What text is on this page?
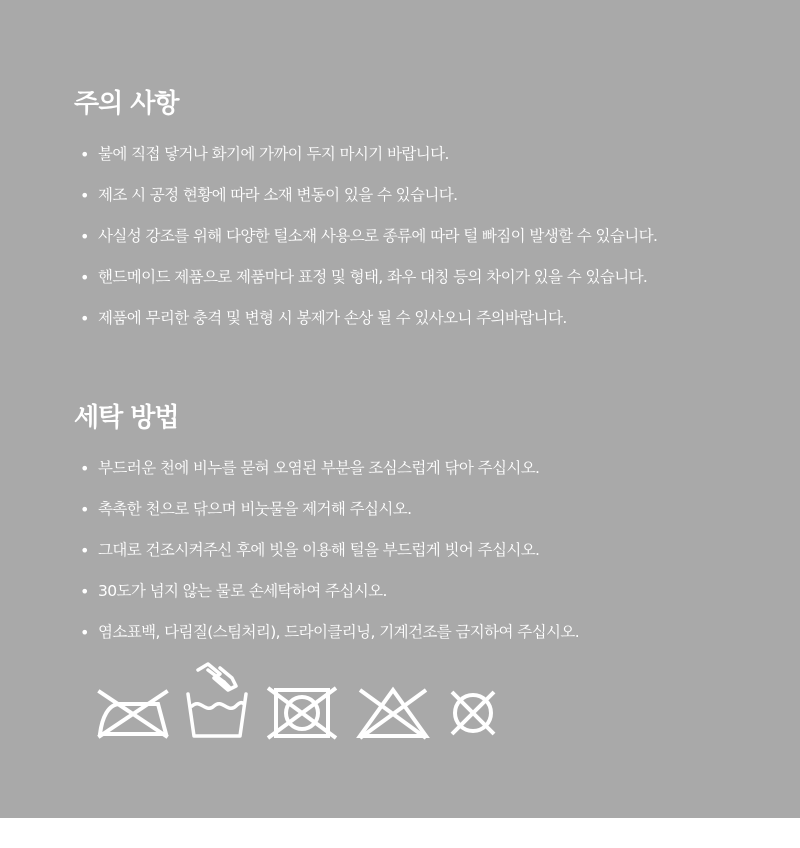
주의 사항
• 불에 직접 닿거나 화기에 가까이 두지 마시기 바랍니다.
• 제조 시 공정 현황에 따라 소재 변동이 있을 수 있습니다.
• 사실성 강조를 위해 다양한 털소재 사용으로 종류에 따라 털 빠짐이 발생할 수 있습니다.
• 핸드메이드 제품으로 제품마다 표정 및 형태, 좌우 대칭 등의 차이가 있을 수 있습니다.
• 제품에 무리한 충격 및 변형 시 봉제가 손상 될 수 있사오니 주의바랍니다.
세탁 방법
• 부드러운 천에 비누를 묻혀 오염된 부분을 조심스럽게 닦아 주십시오.
• 촉촉한 천으로 닦으며 비눗물을 제거해 주십시오.
• 그대로 건조시켜주신 후에 빗을 이용해 털을 부드럽게 빗어 주십시오.
• 30도가 넘지 않는 물로 손세탁하여 주십시오.
• 염소표백, 다림질(스팀처리), 드라이클리닝, 기계건조를 금지하여 주십시오.
